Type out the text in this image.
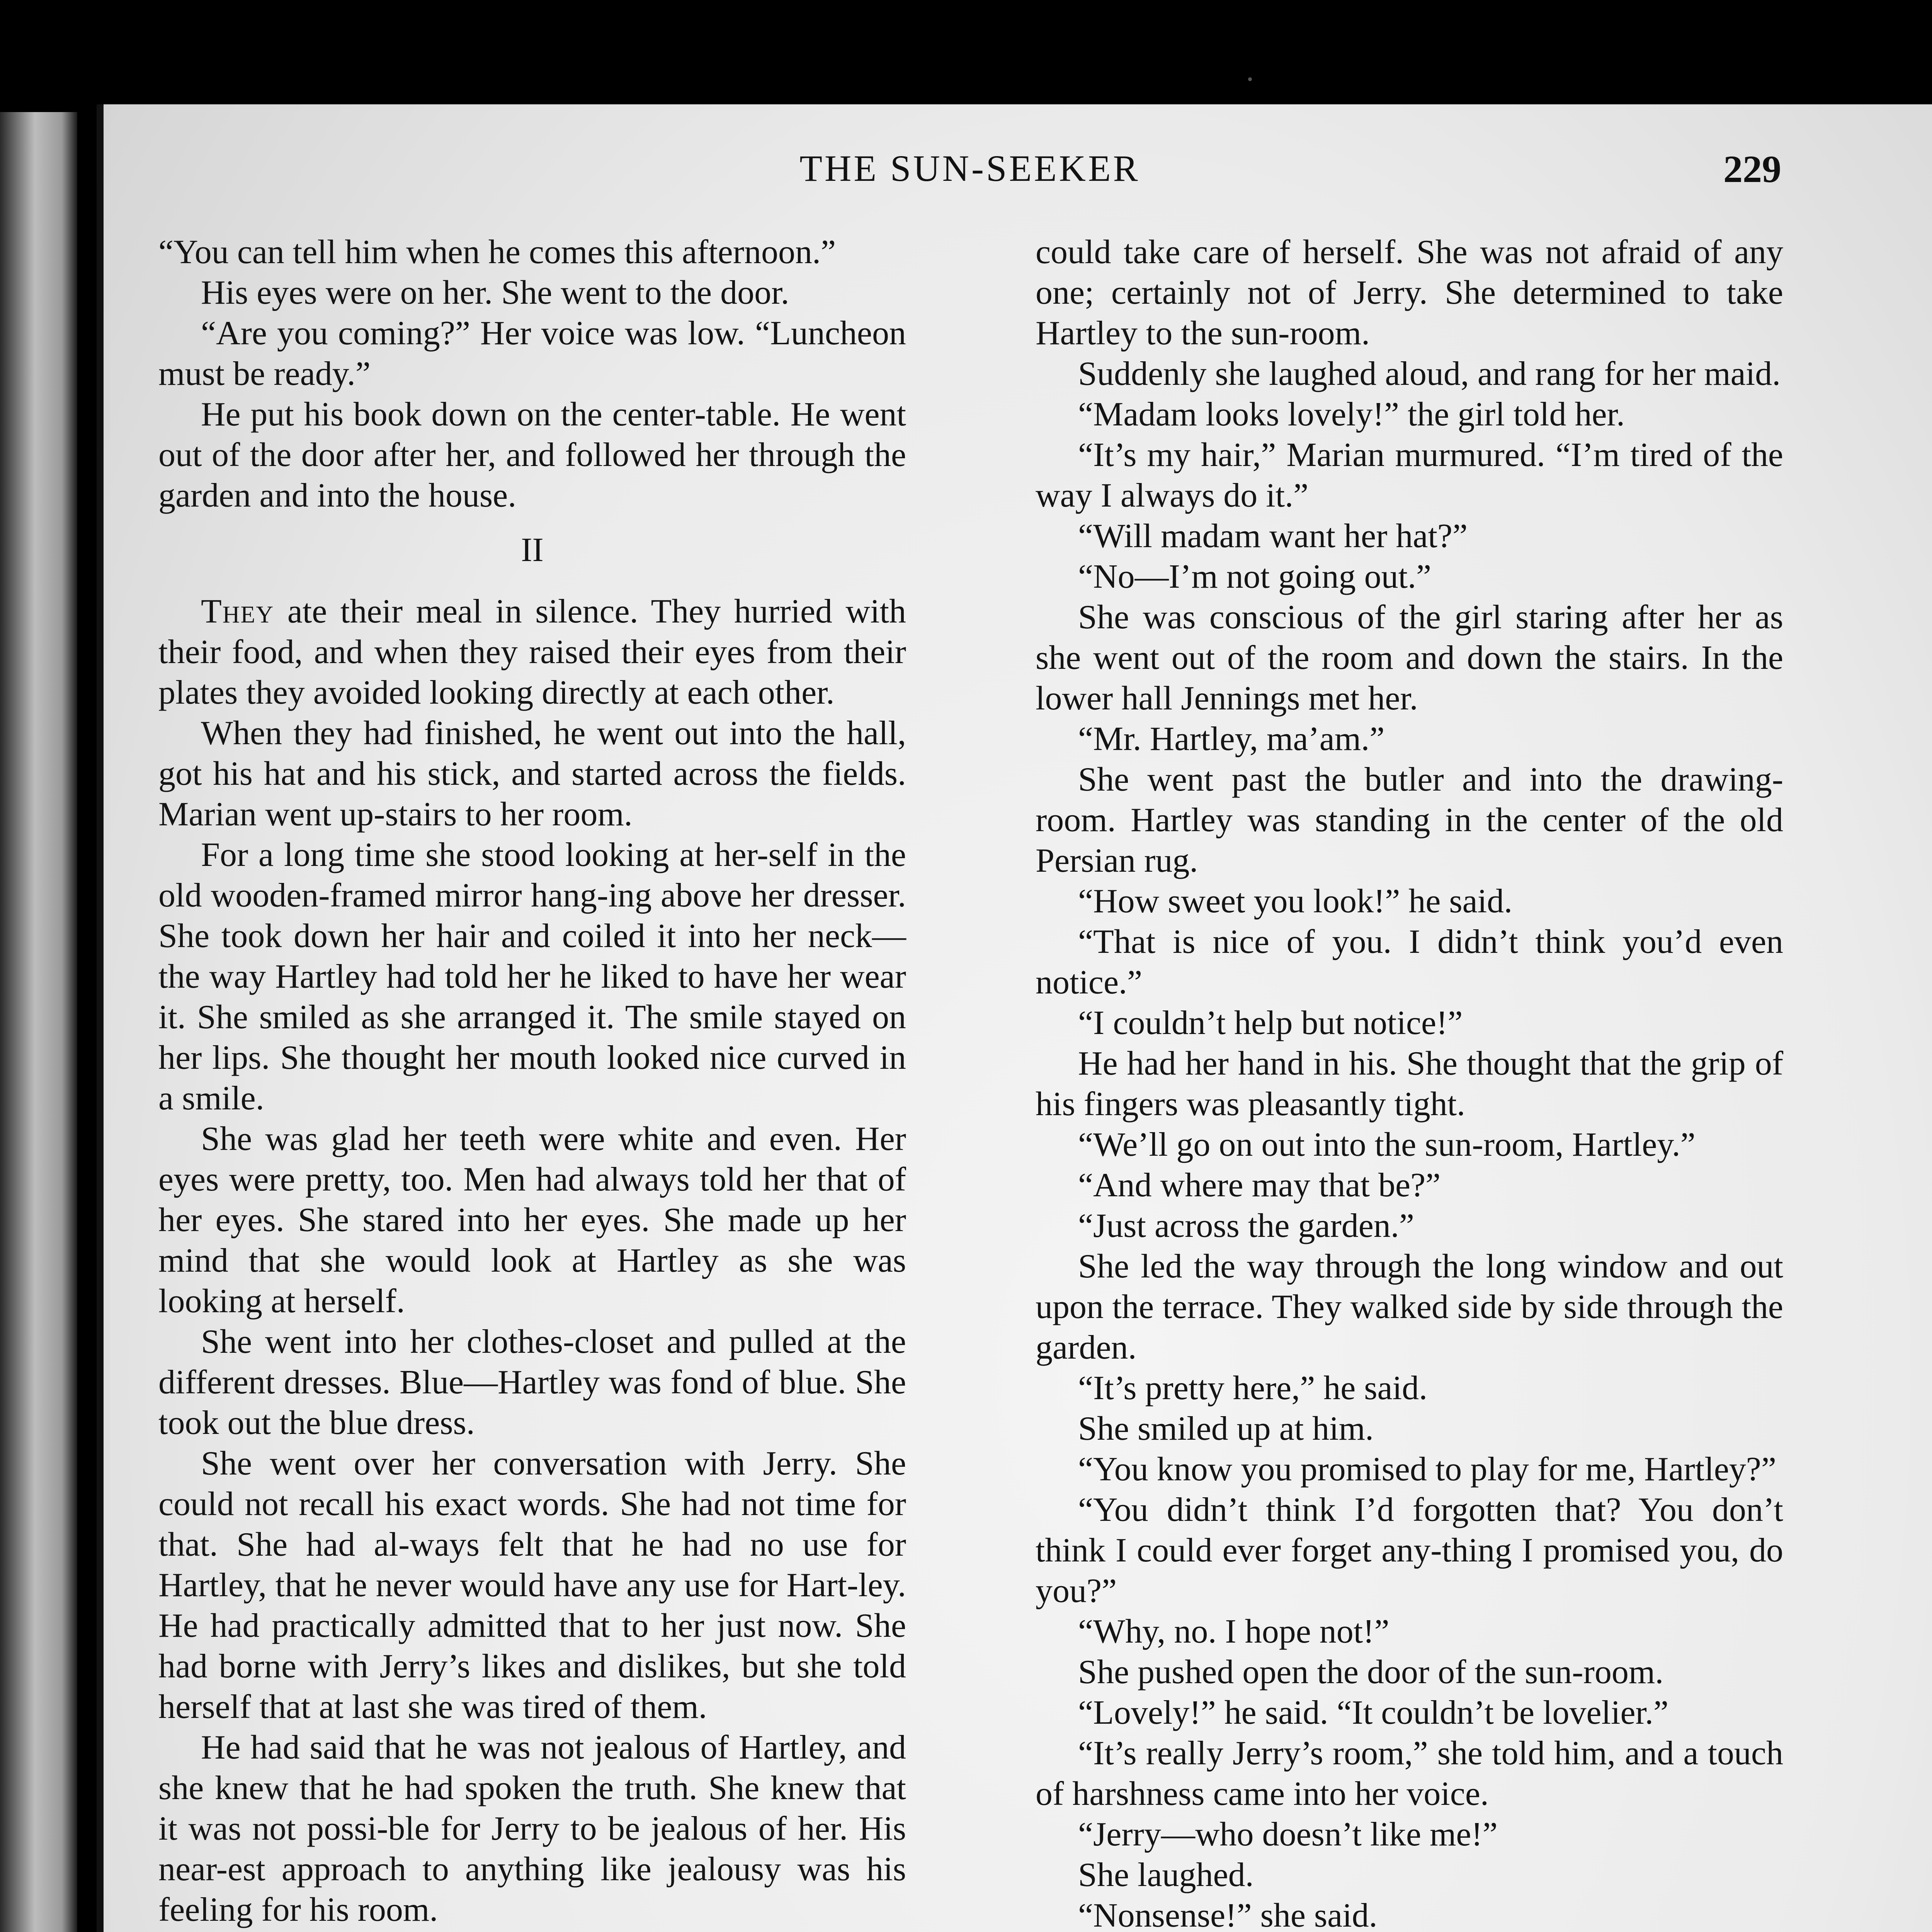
THE SUN-SEEKER	229

“You can tell him when he comes this afternoon.”

His eyes were on her. She went to the door.

“Are you coming?” Her voice was low. “Luncheon must be ready.”

He put his book down on the center-table. He went out of the door after her, and followed her through the garden and into the house.

II

They ate their meal in silence. They hurried with their food, and when they raised their eyes from their plates they avoided looking directly at each other.

When they had finished, he went out into the hall, got his hat and his stick, and started across the fields. Marian went up-stairs to her room.

For a long time she stood looking at her-self in the old wooden-framed mirror hang-ing above her dresser. She took down her hair and coiled it into her neck—the way Hartley had told her he liked to have her wear it. She smiled as she arranged it. The smile stayed on her lips. She thought her mouth looked nice curved in a smile.

She was glad her teeth were white and even. Her eyes were pretty, too. Men had always told her that of her eyes. She stared into her eyes. She made up her mind that she would look at Hartley as she was looking at herself.

She went into her clothes-closet and pulled at the different dresses. Blue—Hartley was fond of blue. She took out the blue dress.

She went over her conversation with Jerry. She could not recall his exact words. She had not time for that. She had al-ways felt that he had no use for Hartley, that he never would have any use for Hart-ley. He had practically admitted that to her just now. She had borne with Jerry’s likes and dislikes, but she told herself that at last she was tired of them.

He had said that he was not jealous of Hartley, and she knew that he had spoken the truth. She knew that it was not possi-ble for Jerry to be jealous of her. His near-est approach to anything like jealousy was his feeling for his room.

could take care of herself. She was not afraid of any one; certainly not of Jerry. She determined to take Hartley to the sun-room.

Suddenly she laughed aloud, and rang for her maid.

“Madam looks lovely!” the girl told her.

“It’s my hair,” Marian murmured. “I’m tired of the way I always do it.”

“Will madam want her hat?”

“No—I’m not going out.”

She was conscious of the girl staring after her as she went out of the room and down the stairs. In the lower hall Jennings met her.

“Mr. Hartley, ma’am.”

She went past the butler and into the drawing-room. Hartley was standing in the center of the old Persian rug.

“How sweet you look!” he said.

“That is nice of you. I didn’t think you’d even notice.”

“I couldn’t help but notice!”

He had her hand in his. She thought that the grip of his fingers was pleasantly tight.

“We’ll go on out into the sun-room, Hartley.”

“And where may that be?”

“Just across the garden.”

She led the way through the long window and out upon the terrace. They walked side by side through the garden.

“It’s pretty here,” he said.

She smiled up at him.

“You know you promised to play for me, Hartley?”

“You didn’t think I’d forgotten that? You don’t think I could ever forget any-thing I promised you, do you?”

“Why, no. I hope not!”

She pushed open the door of the sun-room.

“Lovely!” he said. “It couldn’t be lovelier.”

“It’s really Jerry’s room,” she told him, and a touch of harshness came into her voice.

“Jerry—who doesn’t like me!”

She laughed.

“Nonsense!” she said.
